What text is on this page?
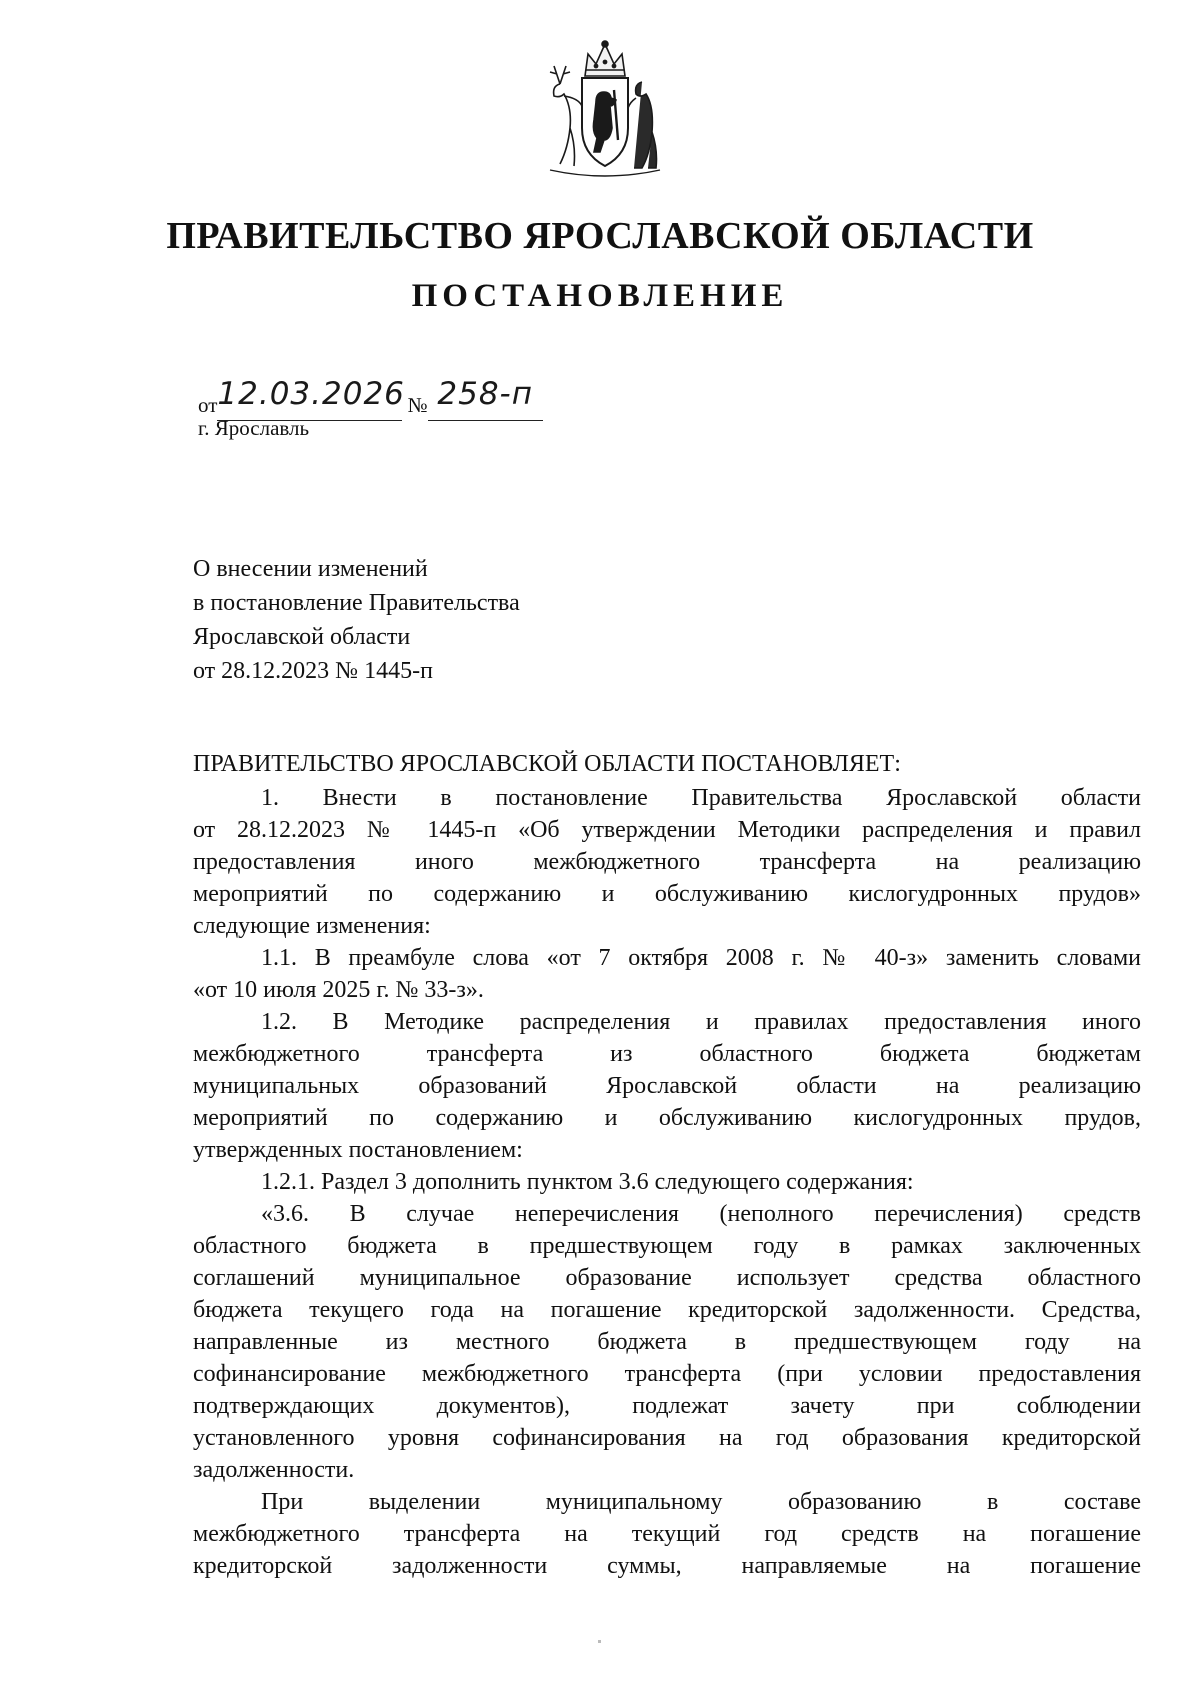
ПРАВИТЕЛЬСТВО ЯРОСЛАВСКОЙ ОБЛАСТИ
ПОСТАНОВЛЕНИЕ
от12.03.2026 № 258-п
г. Ярославль
О внесении изменений
в постановление Правительства
Ярославской области
от 28.12.2023 № 1445-п
ПРАВИТЕЛЬСТВО ЯРОСЛАВСКОЙ ОБЛАСТИ ПОСТАНОВЛЯЕТ:
1. Внести в постановление Правительства Ярославской области
от 28.12.2023 № 1445-п «Об утверждении Методики распределения и правил
предоставления иного межбюджетного трансферта на реализацию
мероприятий по содержанию и обслуживанию кислогудронных прудов»
следующие изменения:
1.1. В преамбуле слова «от 7 октября 2008 г. № 40-з» заменить словами
«от 10 июля 2025 г. № 33-з».
1.2. В Методике распределения и правилах предоставления иного
межбюджетного трансферта из областного бюджета бюджетам
муниципальных образований Ярославской области на реализацию
мероприятий по содержанию и обслуживанию кислогудронных прудов,
утвержденных постановлением:
1.2.1. Раздел 3 дополнить пунктом 3.6 следующего содержания:
«3.6. В случае неперечисления (неполного перечисления) средств
областного бюджета в предшествующем году в рамках заключенных
соглашений муниципальное образование использует средства областного
бюджета текущего года на погашение кредиторской задолженности. Средства,
направленные из местного бюджета в предшествующем году на
софинансирование межбюджетного трансферта (при условии предоставления
подтверждающих документов), подлежат зачету при соблюдении
установленного уровня софинансирования на год образования кредиторской
задолженности.
При выделении муниципальному образованию в составе
межбюджетного трансферта на текущий год средств на погашение
кредиторской задолженности суммы, направляемые на погашение
